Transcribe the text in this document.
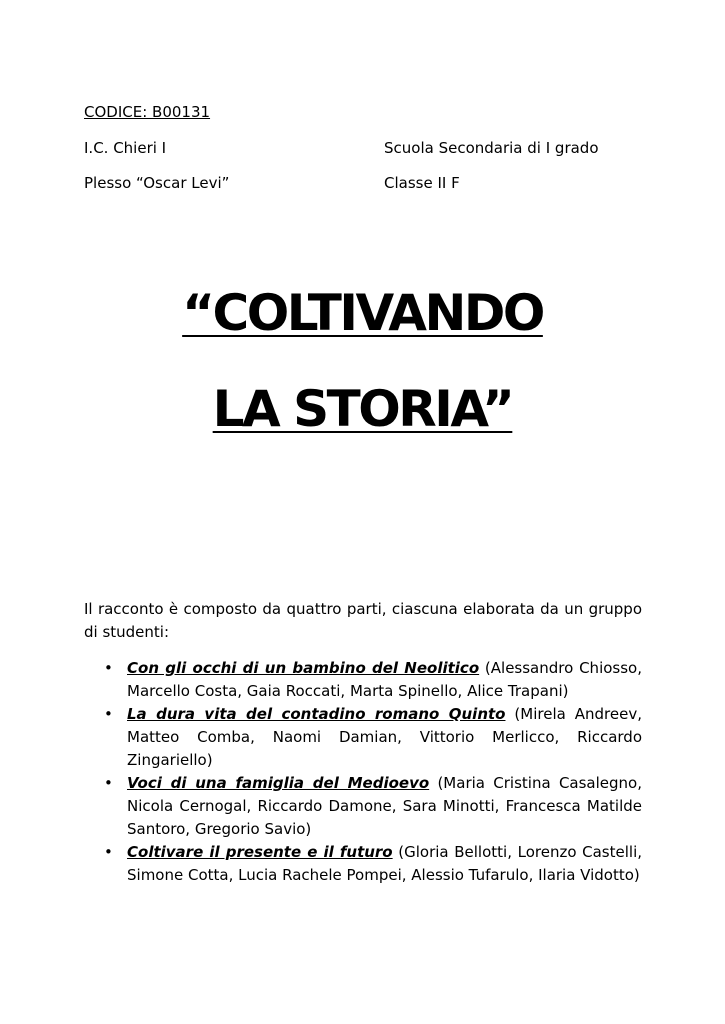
CODICE: B00131
I.C. Chieri I	Scuola Secondaria di I grado
Plesso “Oscar Levi”	Classe II F
“COLTIVANDO
LA STORIA”
Il racconto è composto da quattro parti, ciascuna elaborata da un gruppo di studenti:
• Con gli occhi di un bambino del Neolitico (Alessandro Chiosso, Marcello Costa, Gaia Roccati, Marta Spinello, Alice Trapani)
• La dura vita del contadino romano Quinto (Mirela Andreev, Matteo Comba, Naomi Damian, Vittorio Merlicco, Riccardo Zingariello)
• Voci di una famiglia del Medioevo (Maria Cristina Casalegno, Nicola Cernogal, Riccardo Damone, Sara Minotti, Francesca Matilde Santoro, Gregorio Savio)
• Coltivare il presente e il futuro (Gloria Bellotti, Lorenzo Castelli, Simone Cotta, Lucia Rachele Pompei, Alessio Tufarulo, Ilaria Vidotto)
